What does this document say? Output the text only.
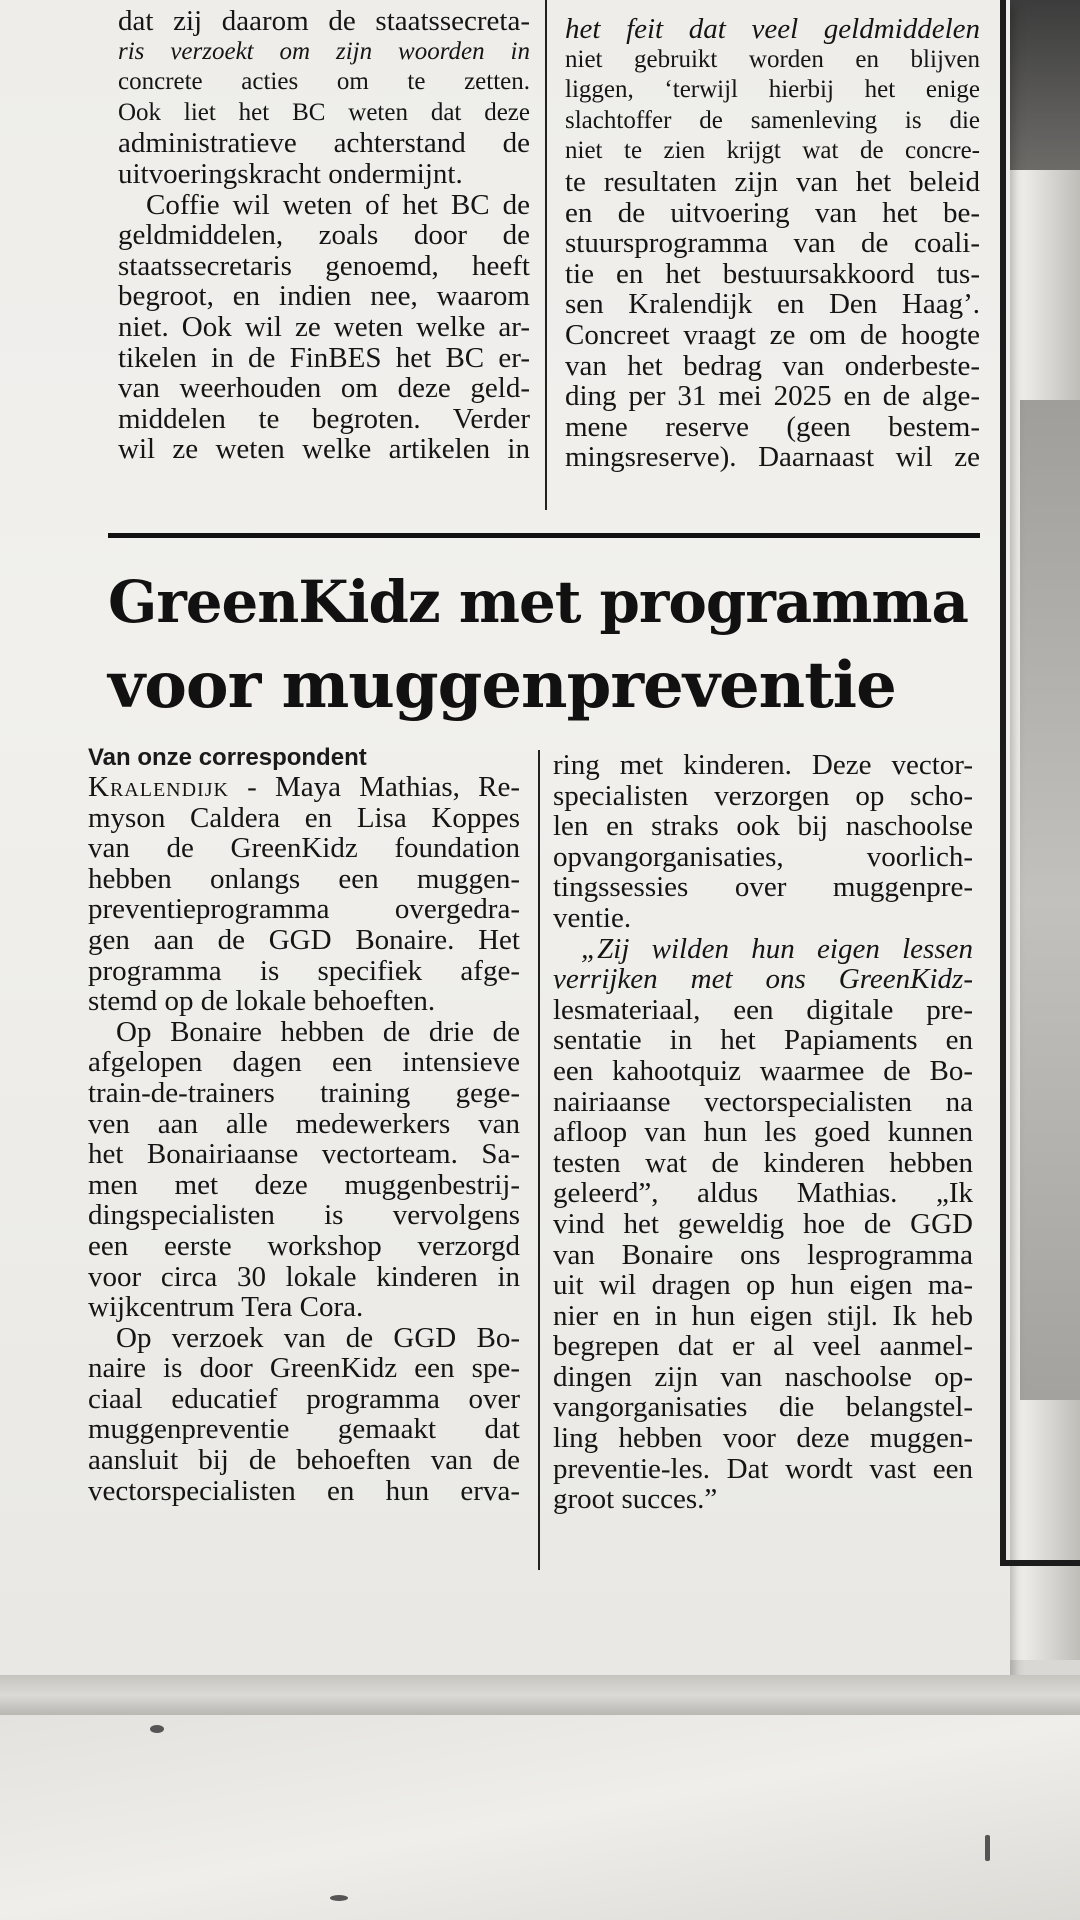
dat zij daarom de staatssecreta-
ris verzoekt om zijn woorden in
concrete acties om te zetten.
Ook liet het BC weten dat deze
administratieve achterstand de
uitvoeringskracht ondermijnt.
Coffie wil weten of het BC de
geldmiddelen, zoals door de
staatssecretaris genoemd, heeft
begroot, en indien nee, waarom
niet. Ook wil ze weten welke ar-
tikelen in de FinBES het BC er-
van weerhouden om deze geld-
middelen te begroten. Verder
wil ze weten welke artikelen in
het feit dat veel geldmiddelen
niet gebruikt worden en blijven
liggen, ‘terwijl hierbij het enige
slachtoffer de samenleving is die
niet te zien krijgt wat de concre-
te resultaten zijn van het beleid
en de uitvoering van het be-
stuursprogramma van de coali-
tie en het bestuursakkoord tus-
sen Kralendijk en Den Haag’.
Concreet vraagt ze om de hoogte
van het bedrag van onderbeste-
ding per 31 mei 2025 en de alge-
mene reserve (geen bestem-
mingsreserve). Daarnaast wil ze
GreenKidz met programma
voor muggenpreventie
Van onze correspondent
Kralendijk - Maya Mathias, Re-
myson Caldera en Lisa Koppes
van de GreenKidz foundation
hebben onlangs een muggen-
preventieprogramma overgedra-
gen aan de GGD Bonaire. Het
programma is specifiek afge-
stemd op de lokale behoeften.
Op Bonaire hebben de drie de
afgelopen dagen een intensieve
train-de-trainers training gege-
ven aan alle medewerkers van
het Bonairiaanse vectorteam. Sa-
men met deze muggenbestrij-
dingspecialisten is vervolgens
een eerste workshop verzorgd
voor circa 30 lokale kinderen in
wijkcentrum Tera Cora.
Op verzoek van de GGD Bo-
naire is door GreenKidz een spe-
ciaal educatief programma over
muggenpreventie gemaakt dat
aansluit bij de behoeften van de
vectorspecialisten en hun erva-
ring met kinderen. Deze vector-
specialisten verzorgen op scho-
len en straks ook bij naschoolse
opvangorganisaties, voorlich-
tingssessies over muggenpre-
ventie.
„Zij wilden hun eigen lessen
verrijken met ons GreenKidz-
lesmateriaal, een digitale pre-
sentatie in het Papiaments en
een kahootquiz waarmee de Bo-
nairiaanse vectorspecialisten na
afloop van hun les goed kunnen
testen wat de kinderen hebben
geleerd”, aldus Mathias. „Ik
vind het geweldig hoe de GGD
van Bonaire ons lesprogramma
uit wil dragen op hun eigen ma-
nier en in hun eigen stijl. Ik heb
begrepen dat er al veel aanmel-
dingen zijn van naschoolse op-
vangorganisaties die belangstel-
ling hebben voor deze muggen-
preventie-les. Dat wordt vast een
groot succes.”
